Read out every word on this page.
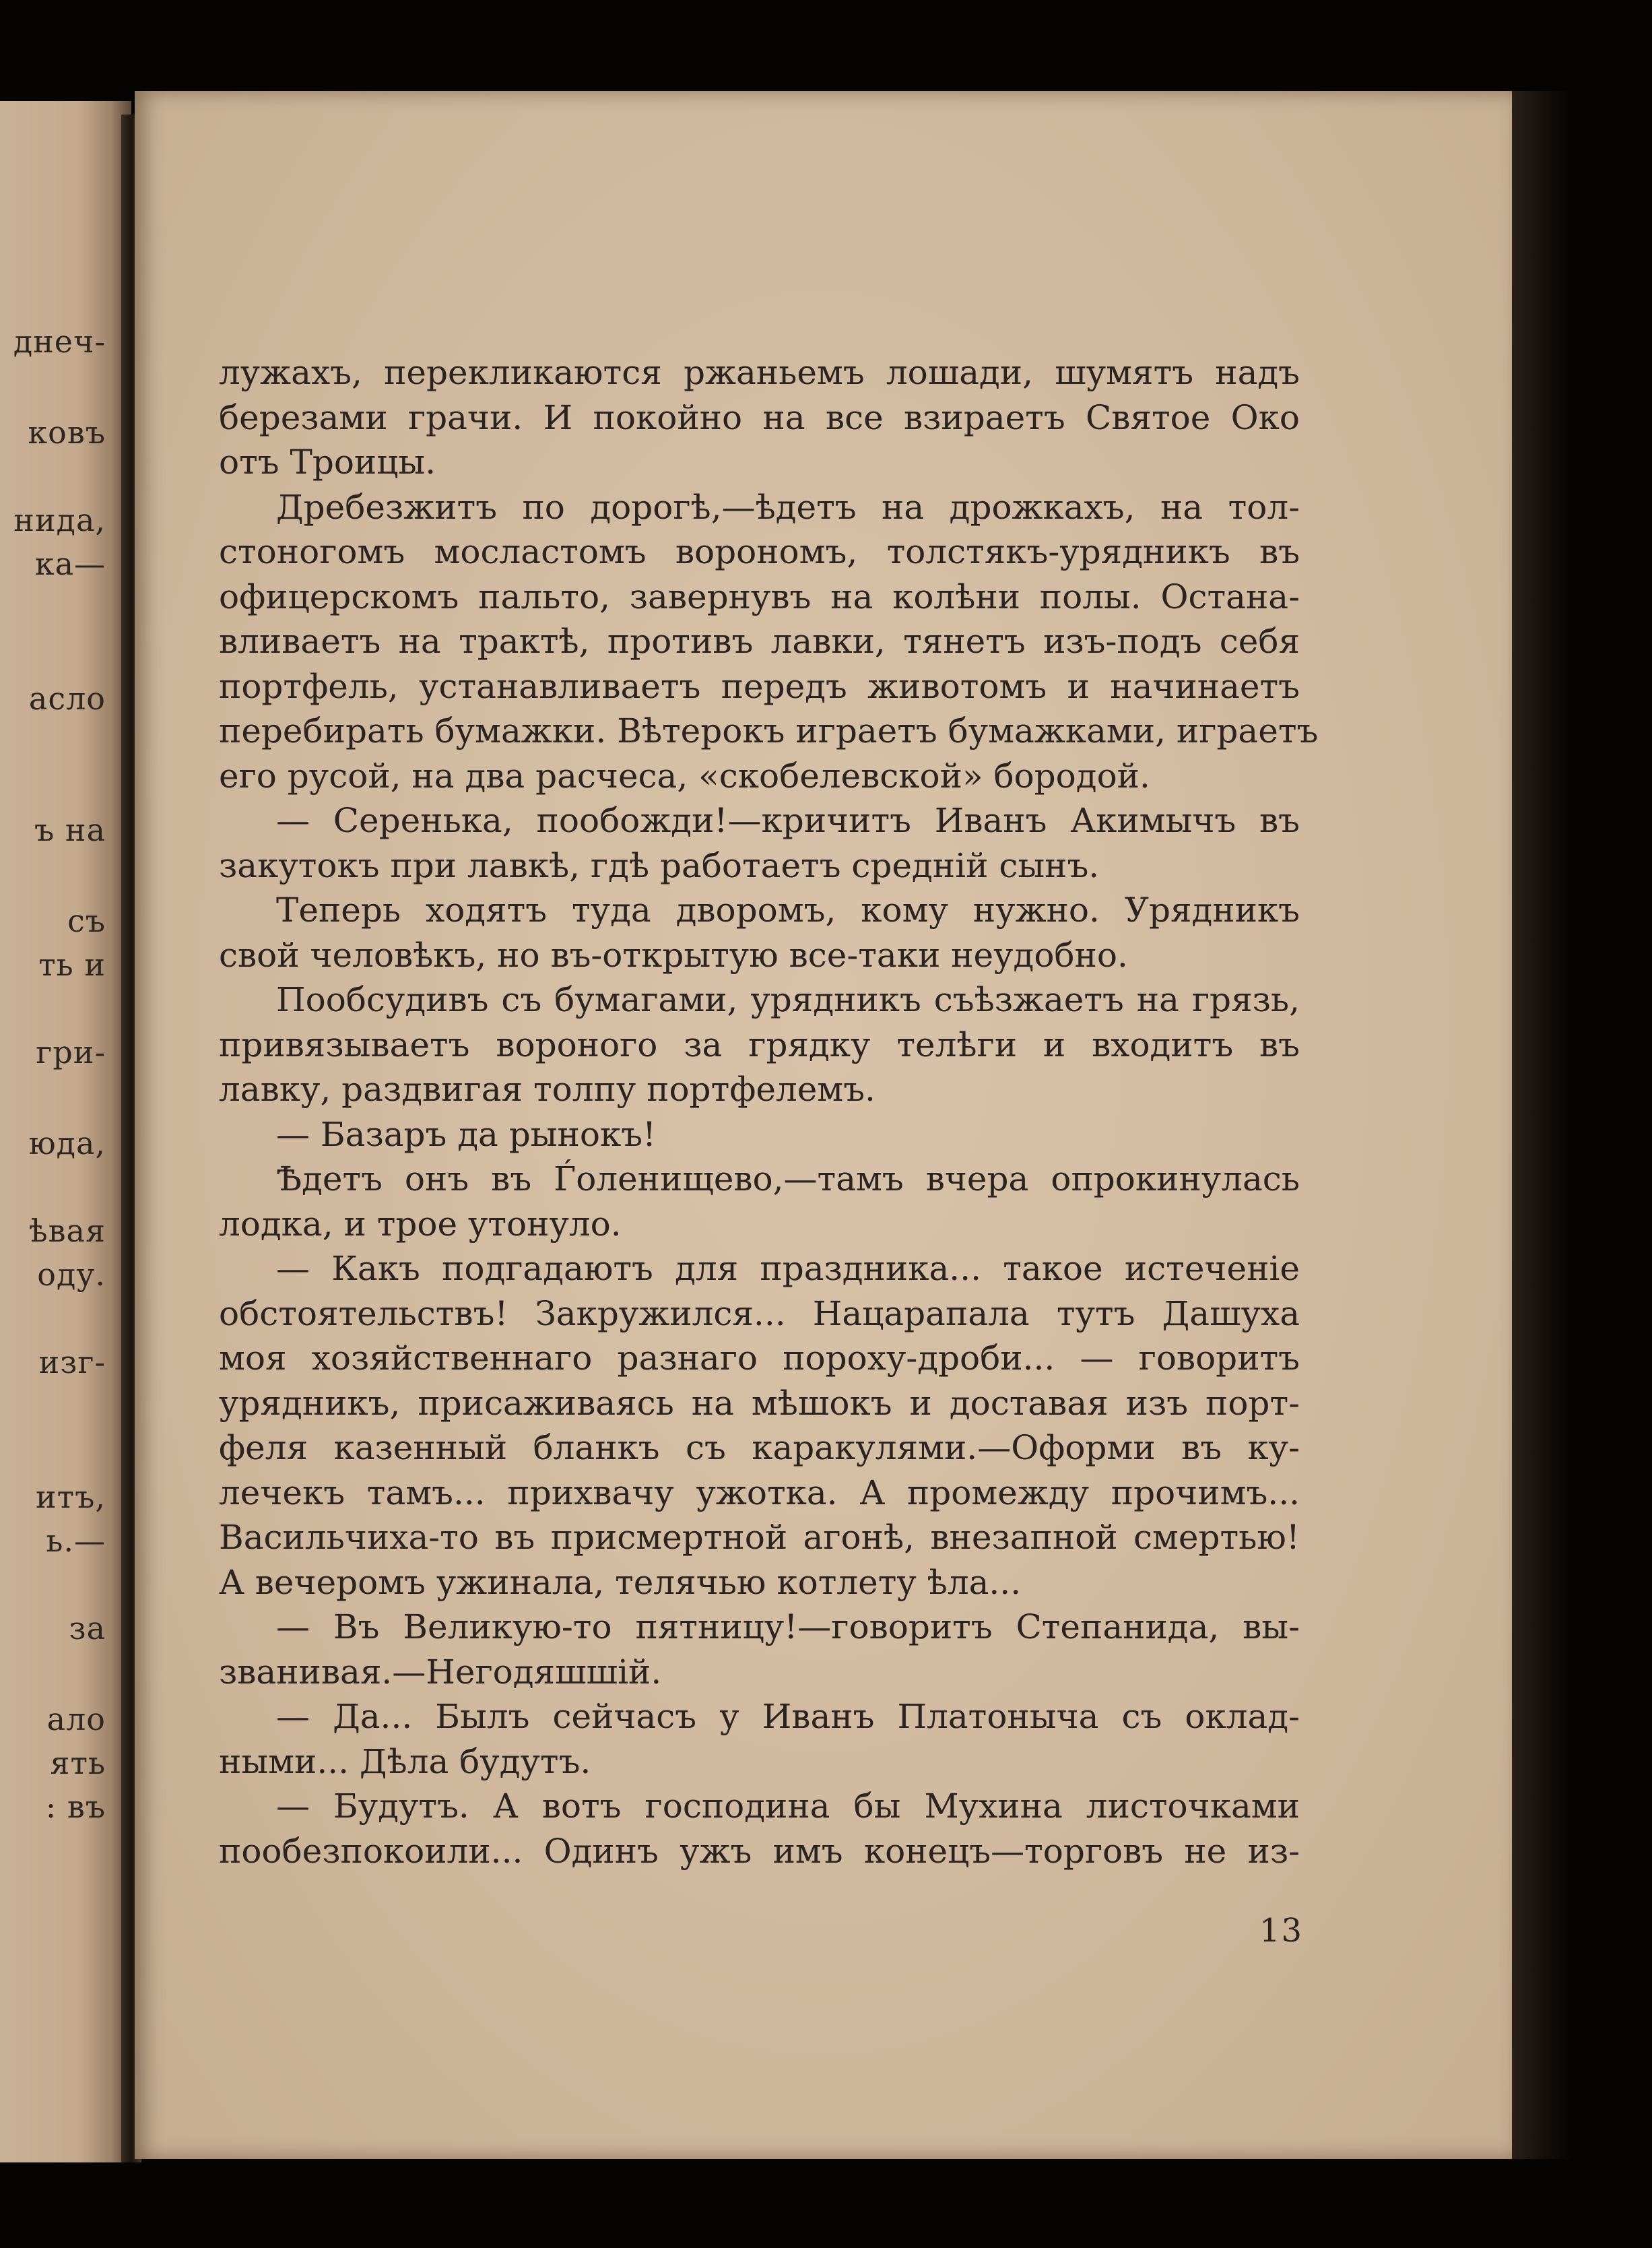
днеч-
ковъ
нида,
ка—
асло
ъ на
съ
ть и
гри-
юда,
ѣвая
оду.
изг-
итъ,
ь.—
за
ало
ять
: въ
лужахъ, перекликаются ржаньемъ лошади, шумятъ надъ
березами грачи. И покойно на все взираетъ Святое Око
отъ Троицы.
Дребезжитъ по дорогѣ,—ѣдетъ на дрожкахъ, на тол-
стоногомъ мосластомъ ворономъ, толстякъ-урядникъ въ
офицерскомъ пальто, завернувъ на колѣни полы. Остана-
вливаетъ на трактѣ, противъ лавки, тянетъ изъ-подъ себя
портфель, устанавливаетъ передъ животомъ и начинаетъ
перебирать бумажки. Вѣтерокъ играетъ бумажками, играетъ
его русой, на два расчеса, «скобелевской» бородой.
— Серенька, пообожди!—кричитъ Иванъ Акимычъ въ
закутокъ при лавкѣ, гдѣ работаетъ средній сынъ.
Теперь ходятъ туда дворомъ, кому нужно. Урядникъ
свой человѣкъ, но въ-открытую все-таки неудобно.
Пообсудивъ съ бумагами, урядникъ съѣзжаетъ на грязь,
привязываетъ вороного за грядку телѣги и входитъ въ
лавку, раздвигая толпу портфелемъ.
— Базаръ да рынокъ!
Ѣдетъ онъ въ Ѓоленищево,—тамъ вчера опрокинулась
лодка, и трое утонуло.
— Какъ подгадаютъ для праздника... такое истеченіе
обстоятельствъ! Закружился... Нацарапала тутъ Дашуха
моя хозяйственнаго разнаго пороху-дроби... — говоритъ
урядникъ, присаживаясь на мѣшокъ и доставая изъ порт-
феля казенный бланкъ съ каракулями.—Оформи въ ку-
лечекъ тамъ... прихвачу ужотка. А промежду прочимъ...
Васильчиха-то въ присмертной агонѣ, внезапной смертью!
А вечеромъ ужинала, телячью котлету ѣла...
— Въ Великую-то пятницу!—говоритъ Степанида, вы-
званивая.—Негодяшшій.
— Да... Былъ сейчасъ у Иванъ Платоныча съ оклад-
ными... Дѣла будутъ.
— Будутъ. А вотъ господина бы Мухина листочками
пообезпокоили... Одинъ ужъ имъ конецъ—торговъ не из-
13
